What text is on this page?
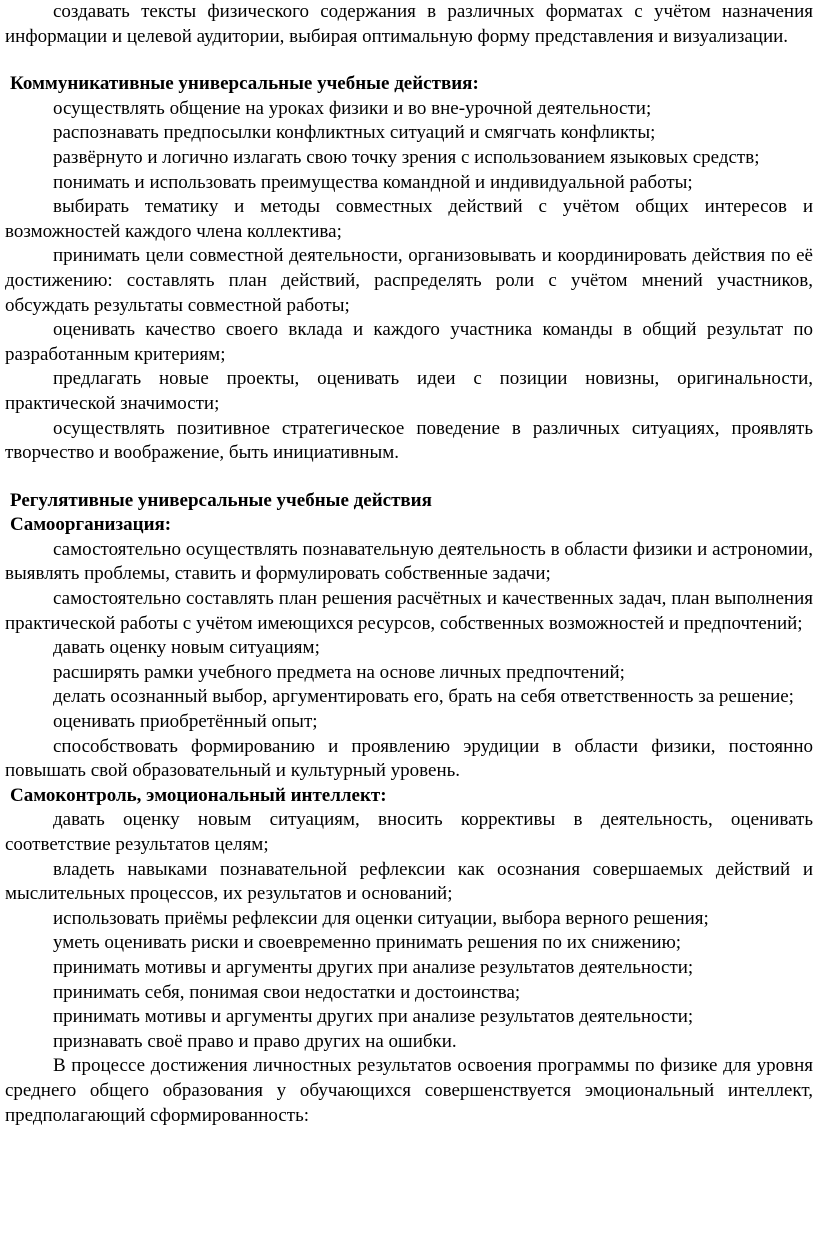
создавать тексты физического содержания в различных форматах с учётом назначения информации и целевой аудитории, выбирая оптимальную форму представления и визуализации.

Коммуникативные универсальные учебные действия:

осуществлять общение на уроках физики и во вне-урочной деятельности;

распознавать предпосылки конфликтных ситуаций и смягчать конфликты;

развёрнуто и логично излагать свою точку зрения с использованием языковых средств;

понимать и использовать преимущества командной и индивидуальной работы;

выбирать тематику и методы совместных действий с учётом общих интересов и возможностей каждого члена коллектива;

принимать цели совместной деятельности, организовывать и координировать действия по её достижению: составлять план действий, распределять роли с учётом мнений участников, обсуждать результаты совместной работы;

оценивать качество своего вклада и каждого участника команды в общий результат по разработанным критериям;

предлагать новые проекты, оценивать идеи с позиции новизны, оригинальности, практической значимости;

осуществлять позитивное стратегическое поведение в различных ситуациях, проявлять творчество и воображение, быть инициативным.

Регулятивные универсальные учебные действия

Самоорганизация:

самостоятельно осуществлять познавательную деятельность в области физики и астрономии, выявлять проблемы, ставить и формулировать собственные задачи;

самостоятельно составлять план решения расчётных и качественных задач, план выполнения практической работы с учётом имеющихся ресурсов, собственных возможностей и предпочтений;

давать оценку новым ситуациям;

расширять рамки учебного предмета на основе личных предпочтений;

делать осознанный выбор, аргументировать его, брать на себя ответственность за решение;

оценивать приобретённый опыт;

способствовать формированию и проявлению эрудиции в области физики, постоянно повышать свой образовательный и культурный уровень.

Самоконтроль, эмоциональный интеллект:

давать оценку новым ситуациям, вносить коррективы в деятельность, оценивать соответствие результатов целям;

владеть навыками познавательной рефлексии как осознания совершаемых действий и мыслительных процессов, их результатов и оснований;

использовать приёмы рефлексии для оценки ситуации, выбора верного решения;

уметь оценивать риски и своевременно принимать решения по их снижению;

принимать мотивы и аргументы других при анализе результатов деятельности;

принимать себя, понимая свои недостатки и достоинства;

принимать мотивы и аргументы других при анализе результатов деятельности;

признавать своё право и право других на ошибки.

В процессе достижения личностных результатов освоения программы по физике для уровня среднего общего образования у обучающихся совершенствуется эмоциональный интеллект, предполагающий сформированность:
